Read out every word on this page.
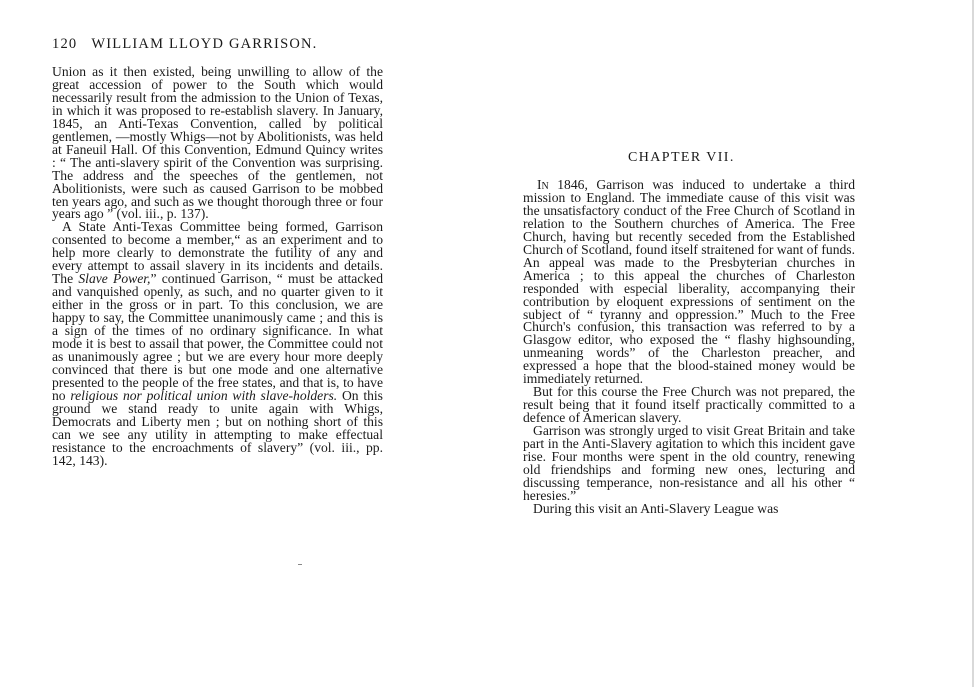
120 WILLIAM LLOYD GARRISON.

Union as it then existed, being unwilling to allow of the great accession of power to the South which would necessarily result from the admission to the Union of Texas, in which it was proposed to re-establish slavery. In January, 1845, an Anti-Texas Convention, called by political gentlemen, —mostly Whigs—not by Abolitionists, was held at Faneuil Hall. Of this Convention, Edmund Quincy writes : “ The anti-slavery spirit of the Convention was surprising. The address and the speeches of the gentlemen, not Abolitionists, were such as caused Garrison to be mobbed ten years ago, and such as we thought thorough three or four years ago ” (vol. iii., p. 137).

A State Anti-Texas Committee being formed, Garrison consented to become a member,“ as an experiment and to help more clearly to demonstrate the futility of any and every attempt to assail slavery in its incidents and details. The Slave Power,” continued Garrison, “ must be attacked and vanquished openly, as such, and no quarter given to it either in the gross or in part. To this conclusion, we are happy to say, the Committee unanimously came ; and this is a sign of the times of no ordinary significance. In what mode it is best to assail that power, the Committee could not as unanimously agree ; but we are every hour more deeply convinced that there is but one mode and one alternative presented to the people of the free states, and that is, to have no religious nor political union with slave-holders. On this ground we stand ready to unite again with Whigs, Democrats and Liberty men ; but on nothing short of this can we see any utility in attempting to make effectual resistance to the encroachments of slavery” (vol. iii., pp. 142, 143).

CHAPTER VII.

In 1846, Garrison was induced to undertake a third mission to England. The immediate cause of this visit was the unsatisfactory conduct of the Free Church of Scotland in relation to the Southern churches of America. The Free Church, having but recently seceded from the Established Church of Scotland, found itself straitened for want of funds. An appeal was made to the Presbyterian churches in America ; to this appeal the churches of Charleston responded with especial liberality, accompanying their contribution by eloquent expressions of sentiment on the subject of “ tyranny and oppression.” Much to the Free Church's confusion, this transaction was referred to by a Glasgow editor, who exposed the “ flashy highsounding, unmeaning words” of the Charleston preacher, and expressed a hope that the blood-stained money would be immediately returned.

But for this course the Free Church was not prepared, the result being that it found itself practically committed to a defence of American slavery.

Garrison was strongly urged to visit Great Britain and take part in the Anti-Slavery agitation to which this incident gave rise. Four months were spent in the old country, renewing old friendships and forming new ones, lecturing and discussing temperance, non-resistance and all his other “ heresies.”

During this visit an Anti-Slavery League was
